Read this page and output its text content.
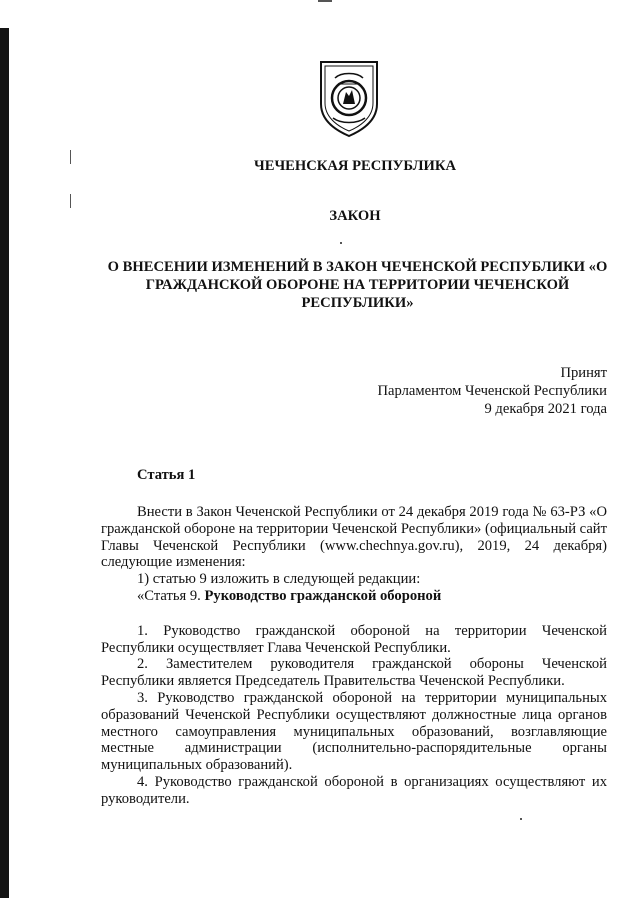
ЧЕЧЕНСКАЯ РЕСПУБЛИКА

ЗАКОН

О ВНЕСЕНИИ ИЗМЕНЕНИЙ В ЗАКОН ЧЕЧЕНСКОЙ РЕСПУБЛИКИ «О ГРАЖДАНСКОЙ ОБОРОНЕ НА ТЕРРИТОРИИ ЧЕЧЕНСКОЙ РЕСПУБЛИКИ»

Принят
Парламентом Чеченской Республики
9 декабря 2021 года

Статья 1

Внести в Закон Чеченской Республики от 24 декабря 2019 года № 63-РЗ «О гражданской обороне на территории Чеченской Республики» (официальный сайт Главы Чеченской Республики (www.chechnya.gov.ru), 2019, 24 декабря) следующие изменения:

1) статью 9 изложить в следующей редакции:

«Статья 9. Руководство гражданской обороной

1. Руководство гражданской обороной на территории Чеченской Республики осуществляет Глава Чеченской Республики.

2. Заместителем руководителя гражданской обороны Чеченской Республики является Председатель Правительства Чеченской Республики.

3. Руководство гражданской обороной на территории муниципальных образований Чеченской Республики осуществляют должностные лица органов местного самоуправления муниципальных образований, возглавляющие местные администрации (исполнительно-распорядительные органы муниципальных образований).

4. Руководство гражданской обороной в организациях осуществляют их руководители.
